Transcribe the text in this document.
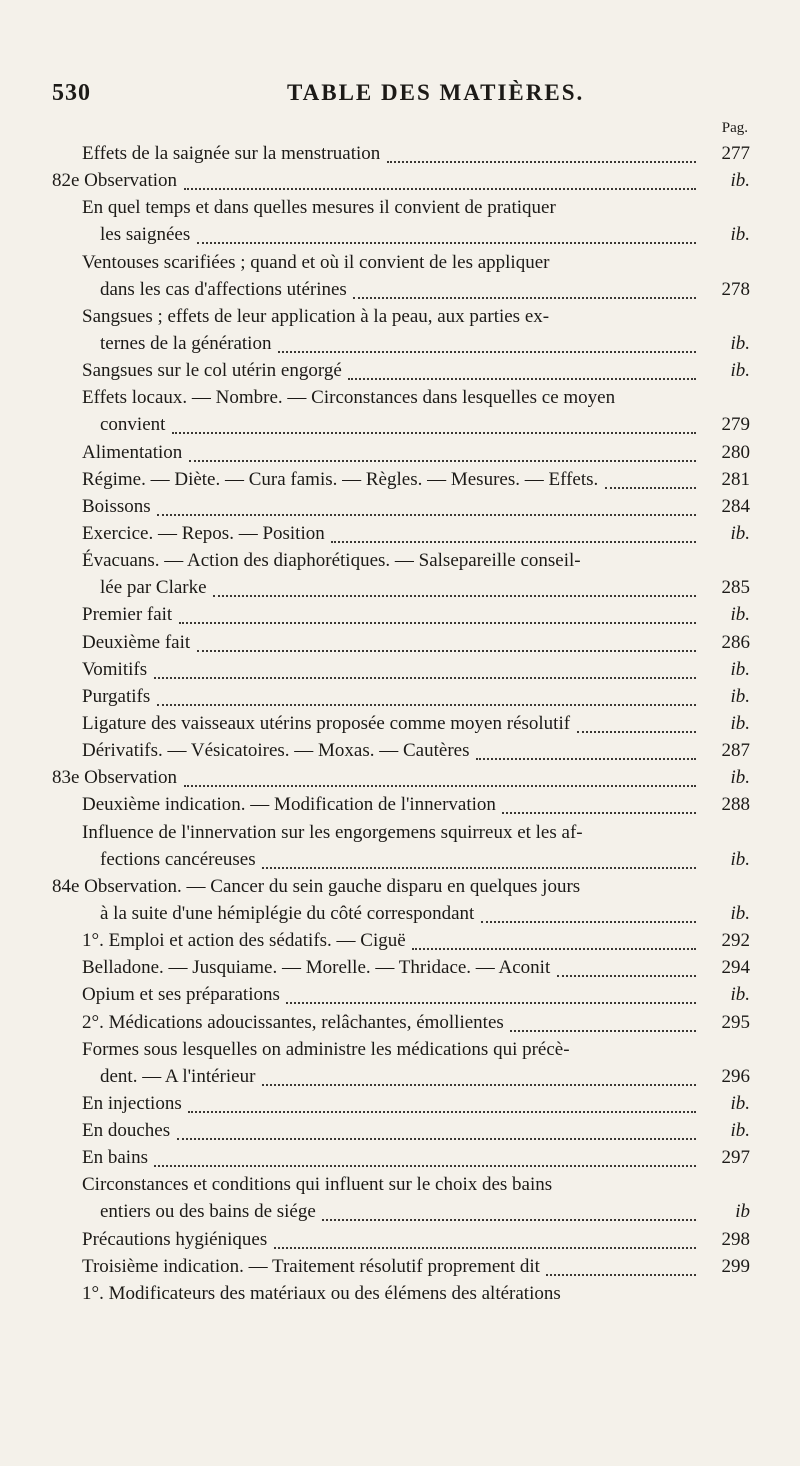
530	TABLE DES MATIÈRES.
Pag.
Effets de la saignée sur la menstruation	277
82e Observation	ib.
En quel temps et dans quelles mesures il convient de pratiquer
les saignées	ib.
Ventouses scarifiées ; quand et où il convient de les appliquer
dans les cas d'affections utérines	278
Sangsues ; effets de leur application à la peau, aux parties ex-
ternes de la génération	ib.
Sangsues sur le col utérin engorgé	ib.
Effets locaux. — Nombre. — Circonstances dans lesquelles ce moyen
convient	279
Alimentation	280
Régime. — Diète. — Cura famis. — Règles. — Mesures. — Effets.	281
Boissons	284
Exercice. — Repos. — Position	ib.
Évacuans. — Action des diaphorétiques. — Salsepareille conseil-
lée par Clarke	285
Premier fait	ib.
Deuxième fait	286
Vomitifs	ib.
Purgatifs	ib.
Ligature des vaisseaux utérins proposée comme moyen résolutif	ib.
Dérivatifs. — Vésicatoires. — Moxas. — Cautères	287
83e Observation	ib.
Deuxième indication. — Modification de l'innervation	288
Influence de l'innervation sur les engorgemens squirreux et les af-
fections cancéreuses	ib.
84e Observation. — Cancer du sein gauche disparu en quelques jours
à la suite d'une hémiplégie du côté correspondant	ib.
1°. Emploi et action des sédatifs. — Ciguë	292
Belladone. — Jusquiame. — Morelle. — Thridace. — Aconit	294
Opium et ses préparations	ib.
2°. Médications adoucissantes, relâchantes, émollientes	295
Formes sous lesquelles on administre les médications qui précè-
dent. — A l'intérieur	296
En injections	ib.
En douches	ib.
En bains	297
Circonstances et conditions qui influent sur le choix des bains
entiers ou des bains de siége	ib
Précautions hygiéniques	298
Troisième indication. — Traitement résolutif proprement dit	299
1°. Modificateurs des matériaux ou des élémens des altérations
